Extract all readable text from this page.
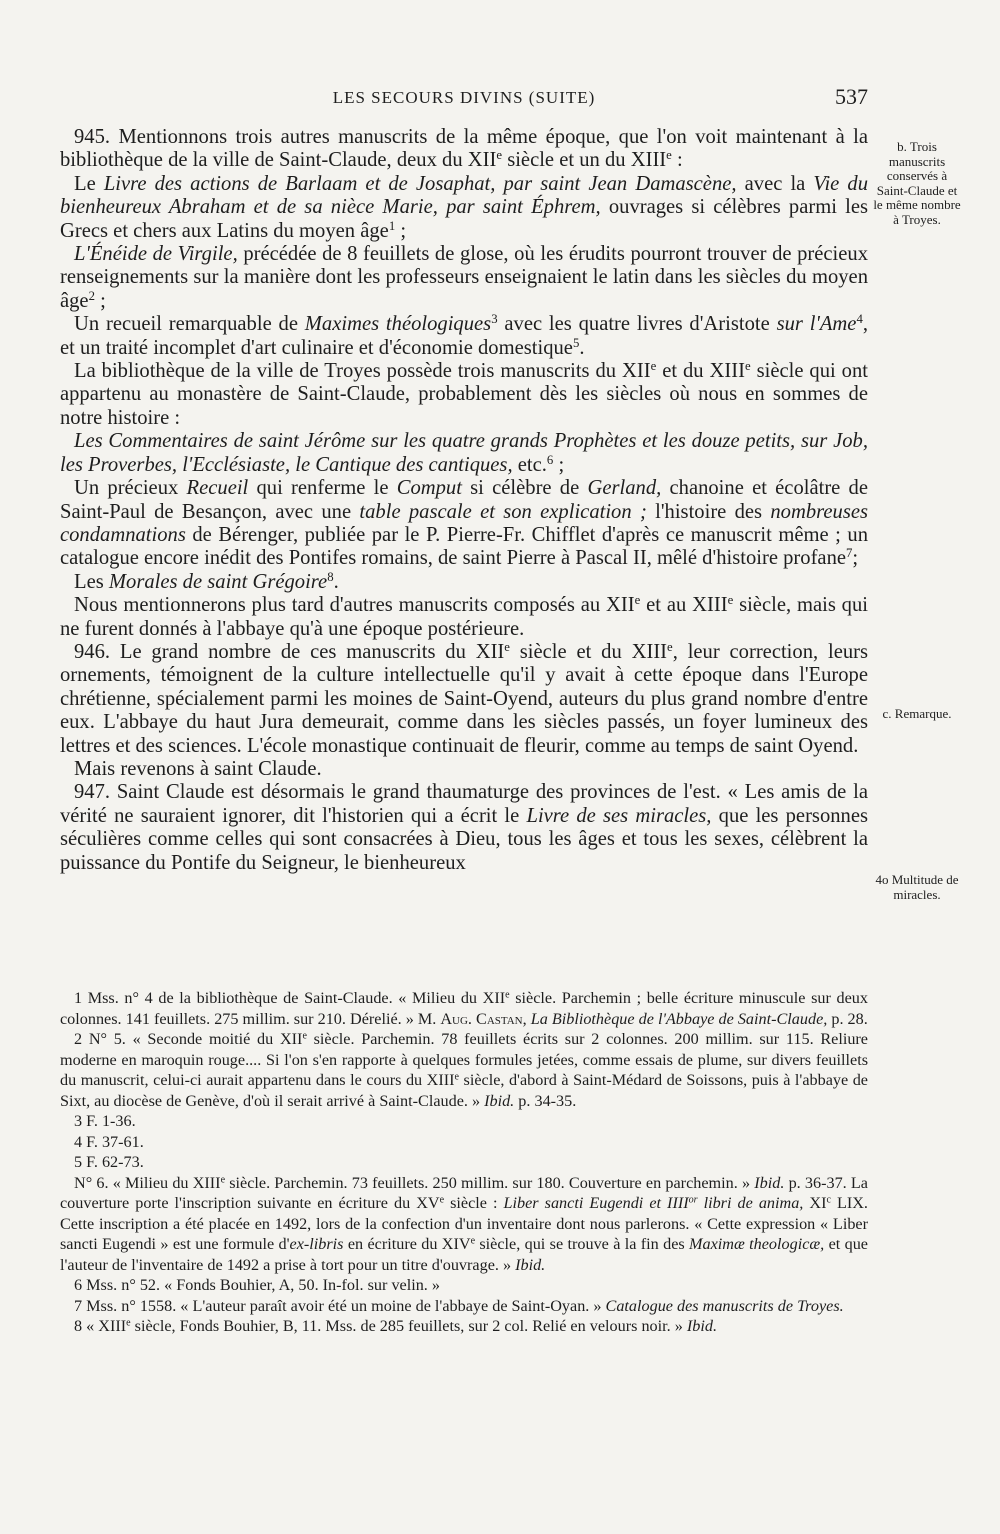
LES SECOURS DIVINS (SUITE)	537
b. Trois manuscrits conservés à Saint-Claude et le même nombre à Troyes.
c. Remarque.
4o Multitude de miracles.

945. Mentionnons trois autres manuscrits de la même époque, que l'on voit maintenant à la bibliothèque de la ville de Saint-Claude, deux du XIIe siècle et un du XIIIe :

Le Livre des actions de Barlaam et de Josaphat, par saint Jean Damascène, avec la Vie du bienheureux Abraham et de sa nièce Marie, par saint Éphrem, ouvrages si célèbres parmi les Grecs et chers aux Latins du moyen âge$^1$ ;

L'Énéide de Virgile, précédée de 8 feuillets de glose, où les érudits pourront trouver de précieux renseignements sur la manière dont les professeurs enseignaient le latin dans les siècles du moyen âge$^2$ ;

Un recueil remarquable de Maximes théologiques$^3$ avec les quatre livres d'Aristote sur l'Ame$^4$, et un traité incomplet d'art culinaire et d'économie domestique$^5$.

La bibliothèque de la ville de Troyes possède trois manuscrits du XIIe et du XIIIe siècle qui ont appartenu au monastère de Saint-Claude, probablement dès les siècles où nous en sommes de notre histoire :

Les Commentaires de saint Jérôme sur les quatre grands Prophètes et les douze petits, sur Job, les Proverbes, l'Ecclésiaste, le Cantique des cantiques, etc.$^6$ ;

Un précieux Recueil qui renferme le Comput si célèbre de Gerland, chanoine et écolâtre de Saint-Paul de Besançon, avec une table pascale et son explication ; l'histoire des nombreuses condamnations de Bérenger, publiée par le P. Pierre-Fr. Chifflet d'après ce manuscrit même ; un catalogue encore inédit des Pontifes romains, de saint Pierre à Pascal II, mêlé d'histoire profane$^7$;

Les Morales de saint Grégoire$^8$.

Nous mentionnerons plus tard d'autres manuscrits composés au XIIe et au XIIIe siècle, mais qui ne furent donnés à l'abbaye qu'à une époque postérieure.

946. Le grand nombre de ces manuscrits du XIIe siècle et du XIIIe, leur correction, leurs ornements, témoignent de la culture intellectuelle qu'il y avait à cette époque dans l'Europe chrétienne, spécialement parmi les moines de Saint-Oyend, auteurs du plus grand nombre d'entre eux. L'abbaye du haut Jura demeurait, comme dans les siècles passés, un foyer lumineux des lettres et des sciences. L'école monastique continuait de fleurir, comme au temps de saint Oyend.

Mais revenons à saint Claude.

947. Saint Claude est désormais le grand thaumaturge des provinces de l'est. « Les amis de la vérité ne sauraient ignorer, dit l'historien qui a écrit le Livre de ses miracles, que les personnes séculières comme celles qui sont consacrées à Dieu, tous les âges et tous les sexes, célèbrent la puissance du Pontife du Seigneur, le bienheureux

1 Mss. n° 4 de la bibliothèque de Saint-Claude. « Milieu du XIIe siècle. Parchemin ; belle écriture minuscule sur deux colonnes. 141 feuillets. 275 millim. sur 210. Dérelié. » M. Aug. Castan, La Bibliothèque de l'Abbaye de Saint-Claude, p. 28.

2 N° 5. « Seconde moitié du XIIe siècle. Parchemin. 78 feuillets écrits sur 2 colonnes. 200 millim. sur 115. Reliure moderne en maroquin rouge.... Si l'on s'en rapporte à quelques formules jetées, comme essais de plume, sur divers feuillets du manuscrit, celui-ci aurait appartenu dans le cours du XIIIe siècle, d'abord à Saint-Médard de Soissons, puis à l'abbaye de Sixt, au diocèse de Genève, d'où il serait arrivé à Saint-Claude. » Ibid. p. 34-35.

3 F. 1-36.

4 F. 37-61.

5 F. 62-73.

N° 6. « Milieu du XIIIe siècle. Parchemin. 73 feuillets. 250 millim. sur 180. Couverture en parchemin. » Ibid. p. 36-37. La couverture porte l'inscription suivante en écriture du XVe siècle : Liber sancti Eugendi et $IIII^{or}$ libri de anima, $XI^c$ LIX. Cette inscription a été placée en 1492, lors de la confection d'un inventaire dont nous parlerons. « Cette expression « Liber sancti Eugendi » est une formule d'ex-libris en écriture du XIVe siècle, qui se trouve à la fin des Maximæ theologicæ, et que l'auteur de l'inventaire de 1492 a prise à tort pour un titre d'ouvrage. » Ibid.

6 Mss. n° 52. « Fonds Bouhier, A, 50. In-fol. sur velin. »

7 Mss. n° 1558. « L'auteur paraît avoir été un moine de l'abbaye de Saint-Oyan. » Catalogue des manuscrits de Troyes.

8 « XIIIe siècle, Fonds Bouhier, B, 11. Mss. de 285 feuillets, sur 2 col. Relié en velours noir. » Ibid.
